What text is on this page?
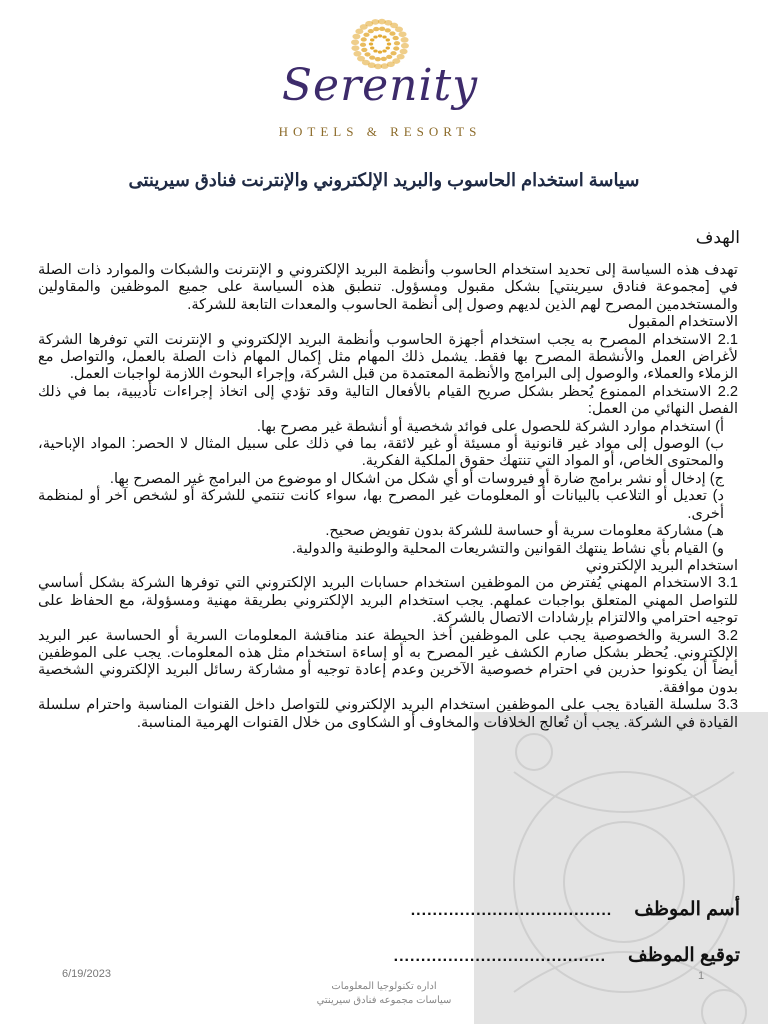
Serenity
HOTELS & RESORTS
سياسة استخدام الحاسوب والبريد الإلكتروني والإنترنت فنادق سيرينتى
الهدف

تهدف هذه السياسة إلى تحديد استخدام الحاسوب وأنظمة البريد الإلكتروني و الإنترنت والشبكات والموارد ذات الصلة في [مجموعة فنادق سيرينتي] بشكل مقبول ومسؤول. تنطبق هذه السياسة على جميع الموظفين والمقاولين والمستخدمين المصرح لهم الذين لديهم وصول إلى أنظمة الحاسوب والمعدات التابعة للشركة.

الاستخدام المقبول

2.1 الاستخدام المصرح به يجب استخدام أجهزة الحاسوب وأنظمة البريد الإلكتروني و الإنترنت التي توفرها الشركة لأغراض العمل والأنشطة المصرح بها فقط. يشمل ذلك المهام مثل إكمال المهام ذات الصلة بالعمل، والتواصل مع الزملاء والعملاء، والوصول إلى البرامج والأنظمة المعتمدة من قبل الشركة، وإجراء البحوث اللازمة لواجبات العمل.

2.2 الاستخدام الممنوع يُحظر بشكل صريح القيام بالأفعال التالية وقد تؤدي إلى اتخاذ إجراءات تأديبية، بما في ذلك الفصل النهائي من العمل:

أ) استخدام موارد الشركة للحصول على فوائد شخصية أو أنشطة غير مصرح بها.

ب) الوصول إلى مواد غير قانونية أو مسيئة أو غير لائقة، بما في ذلك على سبيل المثال لا الحصر: المواد الإباحية، والمحتوى الخاص، أو المواد التي تنتهك حقوق الملكية الفكرية.

ج) إدخال أو نشر برامج ضارة أو فيروسات أو أي شكل من اشكال او موضوع من البرامج غير المصرح بها.

د) تعديل أو التلاعب بالبيانات أو المعلومات غير المصرح بها، سواء كانت تنتمي للشركة أو لشخص آخر أو لمنظمة أخرى.

هـ) مشاركة معلومات سرية أو حساسة للشركة بدون تفويض صحيح.

و) القيام بأي نشاط ينتهك القوانين والتشريعات المحلية والوطنية والدولية.

استخدام البريد الإلكتروني

3.1 الاستخدام المهني يُفترض من الموظفين استخدام حسابات البريد الإلكتروني التي توفرها الشركة بشكل أساسي للتواصل المهني المتعلق بواجبات عملهم. يجب استخدام البريد الإلكتروني بطريقة مهنية ومسؤولة، مع الحفاظ على توجيه احترامي والالتزام بإرشادات الاتصال بالشركة.

3.2 السرية والخصوصية يجب على الموظفين أخذ الحيطة عند مناقشة المعلومات السرية أو الحساسة عبر البريد الإلكتروني. يُحظر بشكل صارم الكشف غير المصرح به أو إساءة استخدام مثل هذه المعلومات. يجب على الموظفين أيضاً أن يكونوا حذرين في احترام خصوصية الآخرين وعدم إعادة توجيه أو مشاركة رسائل البريد الإلكتروني الشخصية بدون موافقة.

3.3 سلسلة القيادة يجب على الموظفين استخدام البريد الإلكتروني للتواصل داخل القنوات المناسبة واحترام سلسلة القيادة في الشركة. يجب أن تُعالج الخلافات والمخاوف أو الشكاوى من خلال القنوات الهرمية المناسبة.

أسم الموظف
.....................................
توقيع الموظف
.......................................
6/19/2023
اداره تكنولوجيا المعلومات
سياسات مجموعه فنادق سيرينتي
1
